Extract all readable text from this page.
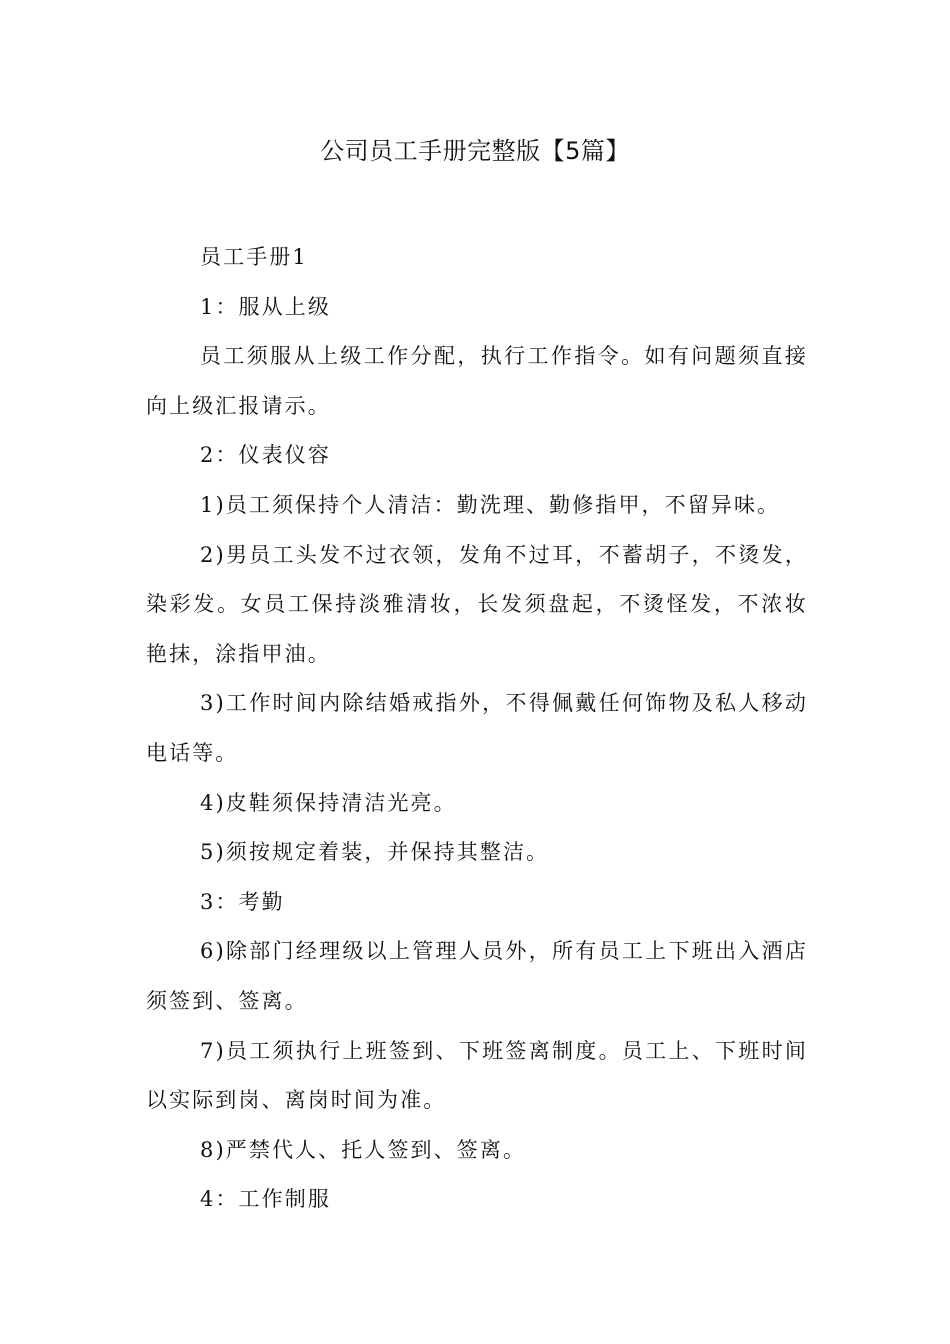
公司员工手册完整版【5篇】

员工手册1

1：服从上级

员工须服从上级工作分配，执行工作指令。如有问题须直接向上级汇报请示。

2：仪表仪容

1)员工须保持个人清洁：勤洗理、勤修指甲，不留异味。

2)男员工头发不过衣领，发角不过耳，不蓄胡子，不烫发，染彩发。女员工保持淡雅清妆，长发须盘起，不烫怪发，不浓妆艳抹，涂指甲油。

3)工作时间内除结婚戒指外，不得佩戴任何饰物及私人移动电话等。

4)皮鞋须保持清洁光亮。

5)须按规定着装，并保持其整洁。

3：考勤

6)除部门经理级以上管理人员外，所有员工上下班出入酒店须签到、签离。

7)员工须执行上班签到、下班签离制度。员工上、下班时间以实际到岗、离岗时间为准。

8)严禁代人、托人签到、签离。

4：工作制服
